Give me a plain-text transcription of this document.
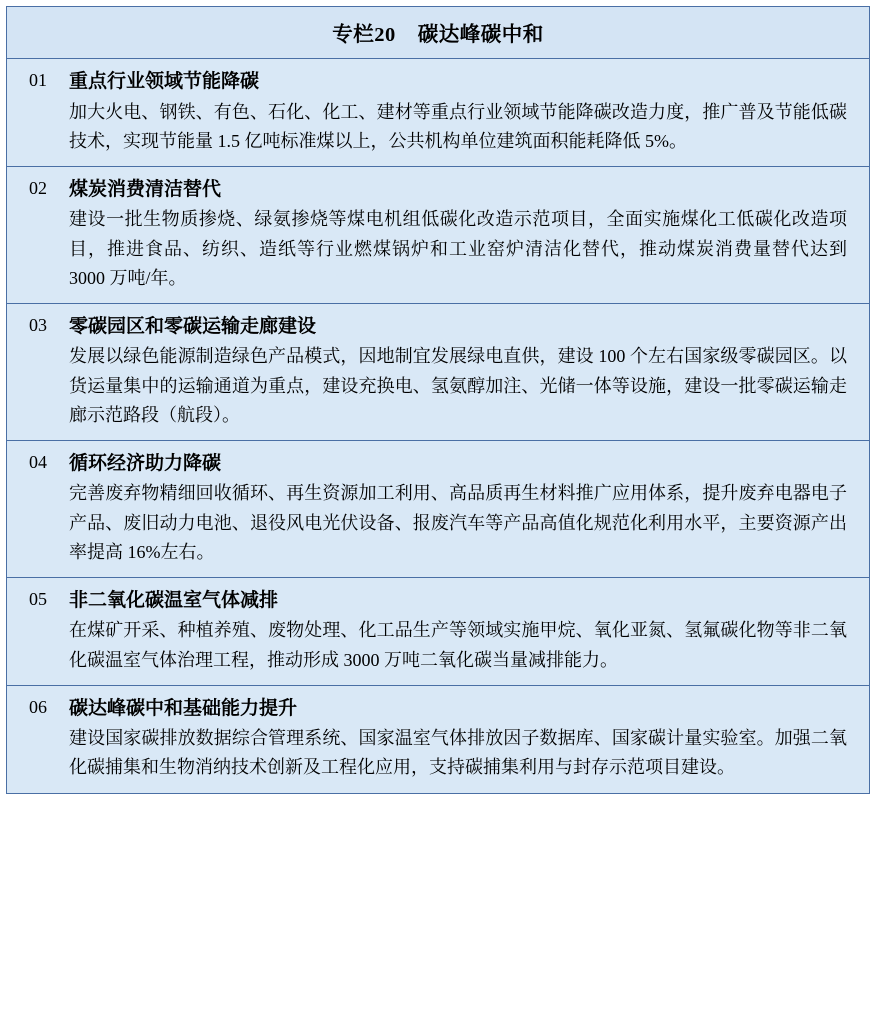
专栏20 碳达峰碳中和
01	重点行业领域节能降碳
加大火电、钢铁、有色、石化、化工、建材等重点行业领域节能降碳改造力度，推广普及节能低碳技术，实现节能量 1.5 亿吨标准煤以上，公共机构单位建筑面积能耗降低 5%。
02	煤炭消费清洁替代
建设一批生物质掺烧、绿氨掺烧等煤电机组低碳化改造示范项目，全面实施煤化工低碳化改造项目，推进食品、纺织、造纸等行业燃煤锅炉和工业窑炉清洁化替代，推动煤炭消费量替代达到 3000 万吨/年。
03	零碳园区和零碳运输走廊建设
发展以绿色能源制造绿色产品模式，因地制宜发展绿电直供，建设 100 个左右国家级零碳园区。以货运量集中的运输通道为重点，建设充换电、氢氨醇加注、光储一体等设施，建设一批零碳运输走廊示范路段（航段）。
04	循环经济助力降碳
完善废弃物精细回收循环、再生资源加工利用、高品质再生材料推广应用体系，提升废弃电器电子产品、废旧动力电池、退役风电光伏设备、报废汽车等产品高值化规范化利用水平，主要资源产出率提高 16%左右。
05	非二氧化碳温室气体减排
在煤矿开采、种植养殖、废物处理、化工品生产等领域实施甲烷、氧化亚氮、氢氟碳化物等非二氧化碳温室气体治理工程，推动形成 3000 万吨二氧化碳当量减排能力。
06	碳达峰碳中和基础能力提升
建设国家碳排放数据综合管理系统、国家温室气体排放因子数据库、国家碳计量实验室。加强二氧化碳捕集和生物消纳技术创新及工程化应用，支持碳捕集利用与封存示范项目建设。
